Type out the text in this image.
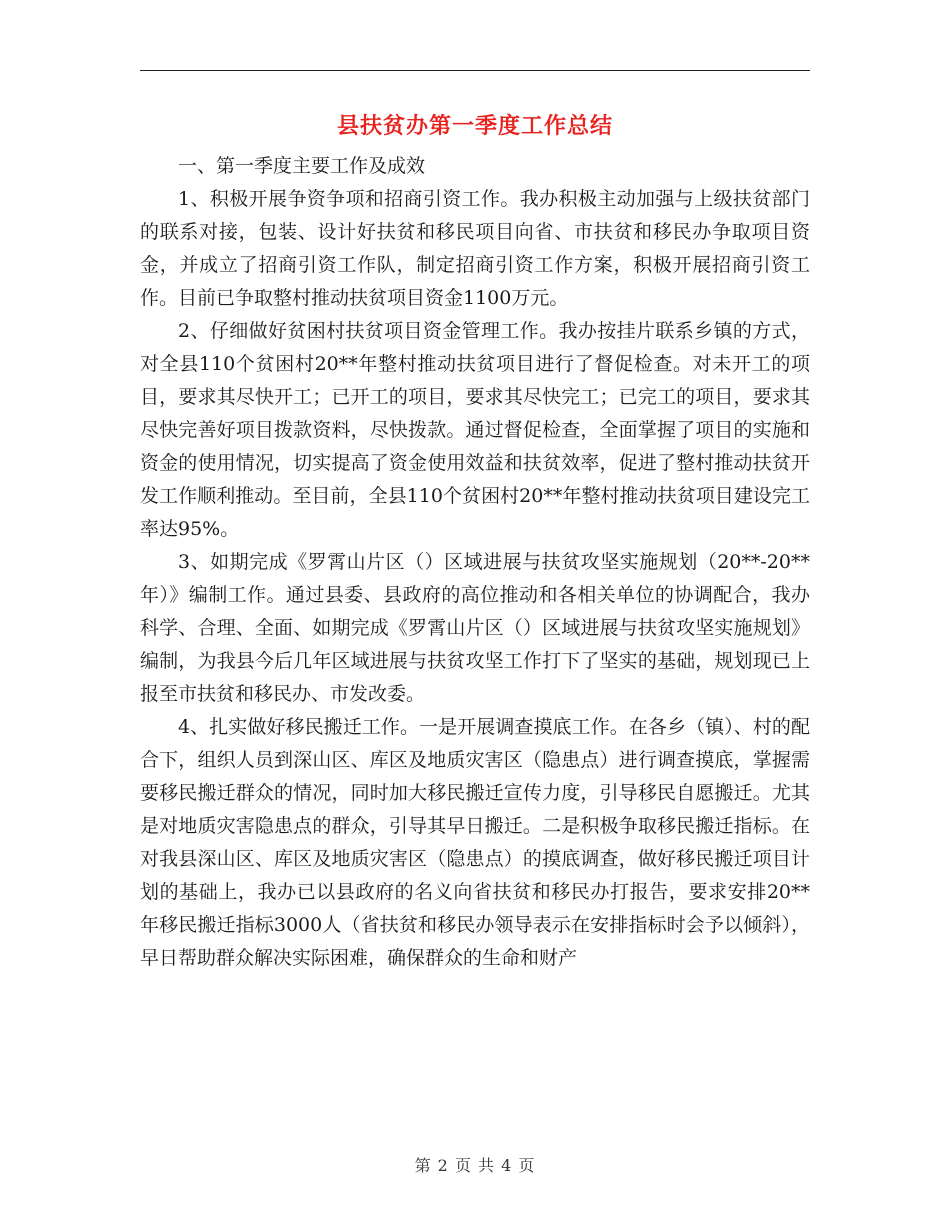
县扶贫办第一季度工作总结

一、第一季度主要工作及成效

1、积极开展争资争项和招商引资工作。我办积极主动加强与上级扶贫部门的联系对接，包装、设计好扶贫和移民项目向省、市扶贫和移民办争取项目资金，并成立了招商引资工作队，制定招商引资工作方案，积极开展招商引资工作。目前已争取整村推动扶贫项目资金1100万元。

2、仔细做好贫困村扶贫项目资金管理工作。我办按挂片联系乡镇的方式，对全县110个贫困村20**年整村推动扶贫项目进行了督促检查。对未开工的项目，要求其尽快开工；已开工的项目，要求其尽快完工；已完工的项目，要求其尽快完善好项目拨款资料，尽快拨款。通过督促检查，全面掌握了项目的实施和资金的使用情况，切实提高了资金使用效益和扶贫效率，促进了整村推动扶贫开发工作顺利推动。至目前，全县110个贫困村20**年整村推动扶贫项目建设完工率达95%。

3、如期完成《罗霄山片区（）区域进展与扶贫攻坚实施规划（20**-20**年）》编制工作。通过县委、县政府的高位推动和各相关单位的协调配合，我办科学、合理、全面、如期完成《罗霄山片区（）区域进展与扶贫攻坚实施规划》编制，为我县今后几年区域进展与扶贫攻坚工作打下了坚实的基础，规划现已上报至市扶贫和移民办、市发改委。

4、扎实做好移民搬迁工作。一是开展调查摸底工作。在各乡（镇）、村的配合下，组织人员到深山区、库区及地质灾害区（隐患点）进行调查摸底，掌握需要移民搬迁群众的情况，同时加大移民搬迁宣传力度，引导移民自愿搬迁。尤其是对地质灾害隐患点的群众，引导其早日搬迁。二是积极争取移民搬迁指标。在对我县深山区、库区及地质灾害区（隐患点）的摸底调查，做好移民搬迁项目计划的基础上，我办已以县政府的名义向省扶贫和移民办打报告，要求安排20**年移民搬迁指标3000人（省扶贫和移民办领导表示在安排指标时会予以倾斜），早日帮助群众解决实际困难，确保群众的生命和财产

第 2 页 共 4 页
